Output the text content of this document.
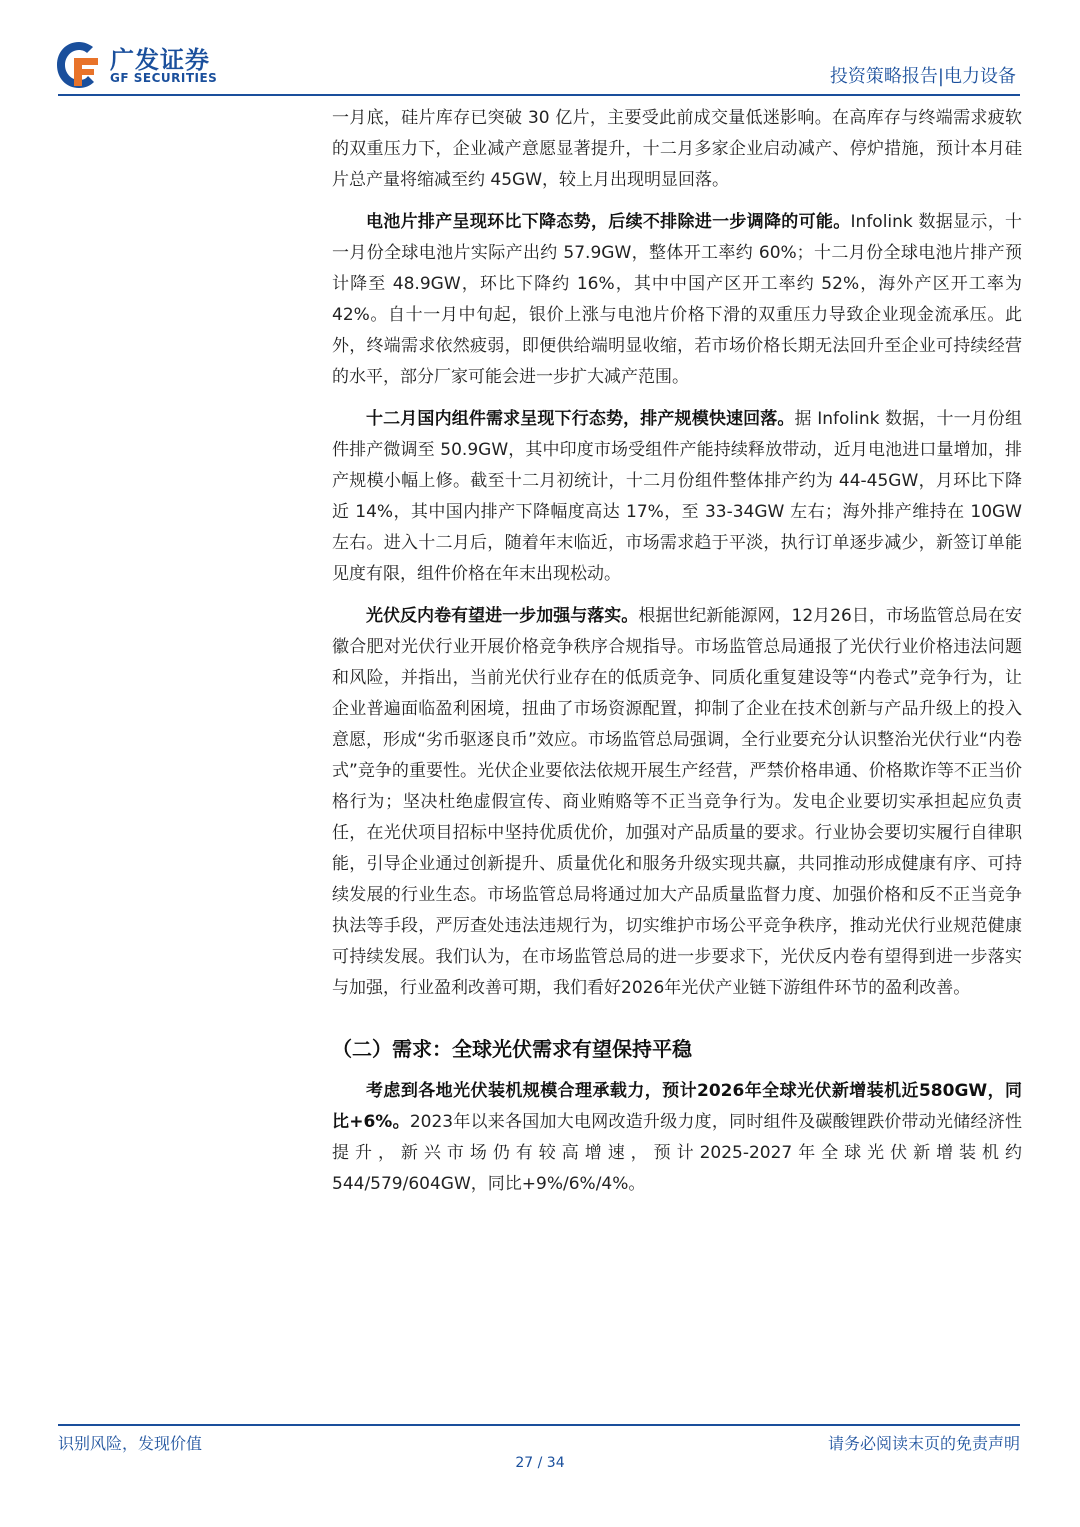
广发证券
GF SECURITIES	投资策略报告|电力设备

一月底，硅片库存已突破 30 亿片，主要受此前成交量低迷影响。在高库存与终端需求疲软的双重压力下，企业减产意愿显著提升，十二月多家企业启动减产、停炉措施，预计本月硅片总产量将缩减至约 45GW，较上月出现明显回落。

电池片排产呈现环比下降态势，后续不排除进一步调降的可能。Infolink 数据显示，十一月份全球电池片实际产出约 57.9GW，整体开工率约 60%；十二月份全球电池片排产预计降至 48.9GW，环比下降约 16%，其中中国产区开工率约 52%，海外产区开工率为 42%。自十一月中旬起，银价上涨与电池片价格下滑的双重压力导致企业现金流承压。此外，终端需求依然疲弱，即便供给端明显收缩，若市场价格长期无法回升至企业可持续经营的水平，部分厂家可能会进一步扩大减产范围。

十二月国内组件需求呈现下行态势，排产规模快速回落。据 Infolink 数据，十一月份组件排产微调至 50.9GW，其中印度市场受组件产能持续释放带动，近月电池进口量增加，排产规模小幅上修。截至十二月初统计，十二月份组件整体排产约为 44-45GW，月环比下降近 14%，其中国内排产下降幅度高达 17%，至 33-34GW 左右；海外排产维持在 10GW 左右。进入十二月后，随着年末临近，市场需求趋于平淡，执行订单逐步减少，新签订单能见度有限，组件价格在年末出现松动。

光伏反内卷有望进一步加强与落实。根据世纪新能源网，12月26日，市场监管总局在安徽合肥对光伏行业开展价格竞争秩序合规指导。市场监管总局通报了光伏行业价格违法问题和风险，并指出，当前光伏行业存在的低质竞争、同质化重复建设等“内卷式”竞争行为，让企业普遍面临盈利困境，扭曲了市场资源配置，抑制了企业在技术创新与产品升级上的投入意愿，形成“劣币驱逐良币”效应。市场监管总局强调，全行业要充分认识整治光伏行业“内卷式”竞争的重要性。光伏企业要依法依规开展生产经营，严禁价格串通、价格欺诈等不正当价格行为；坚决杜绝虚假宣传、商业贿赂等不正当竞争行为。发电企业要切实承担起应负责任，在光伏项目招标中坚持优质优价，加强对产品质量的要求。行业协会要切实履行自律职能，引导企业通过创新提升、质量优化和服务升级实现共赢，共同推动形成健康有序、可持续发展的行业生态。市场监管总局将通过加大产品质量监督力度、加强价格和反不正当竞争执法等手段，严厉查处违法违规行为，切实维护市场公平竞争秩序，推动光伏行业规范健康可持续发展。我们认为，在市场监管总局的进一步要求下，光伏反内卷有望得到进一步落实与加强，行业盈利改善可期，我们看好2026年光伏产业链下游组件环节的盈利改善。

（二）需求：全球光伏需求有望保持平稳

考虑到各地光伏装机规模合理承载力，预计2026年全球光伏新增装机近580GW，同比+6%。2023年以来各国加大电网改造升级力度，同时组件及碳酸锂跌价带动光储经济性提升，新兴市场仍有较高增速，预计2025-2027年全球光伏新增装机约544/579/604GW，同比+9%/6%/4%。

识别风险，发现价值	请务必阅读末页的免责声明
27 / 34
